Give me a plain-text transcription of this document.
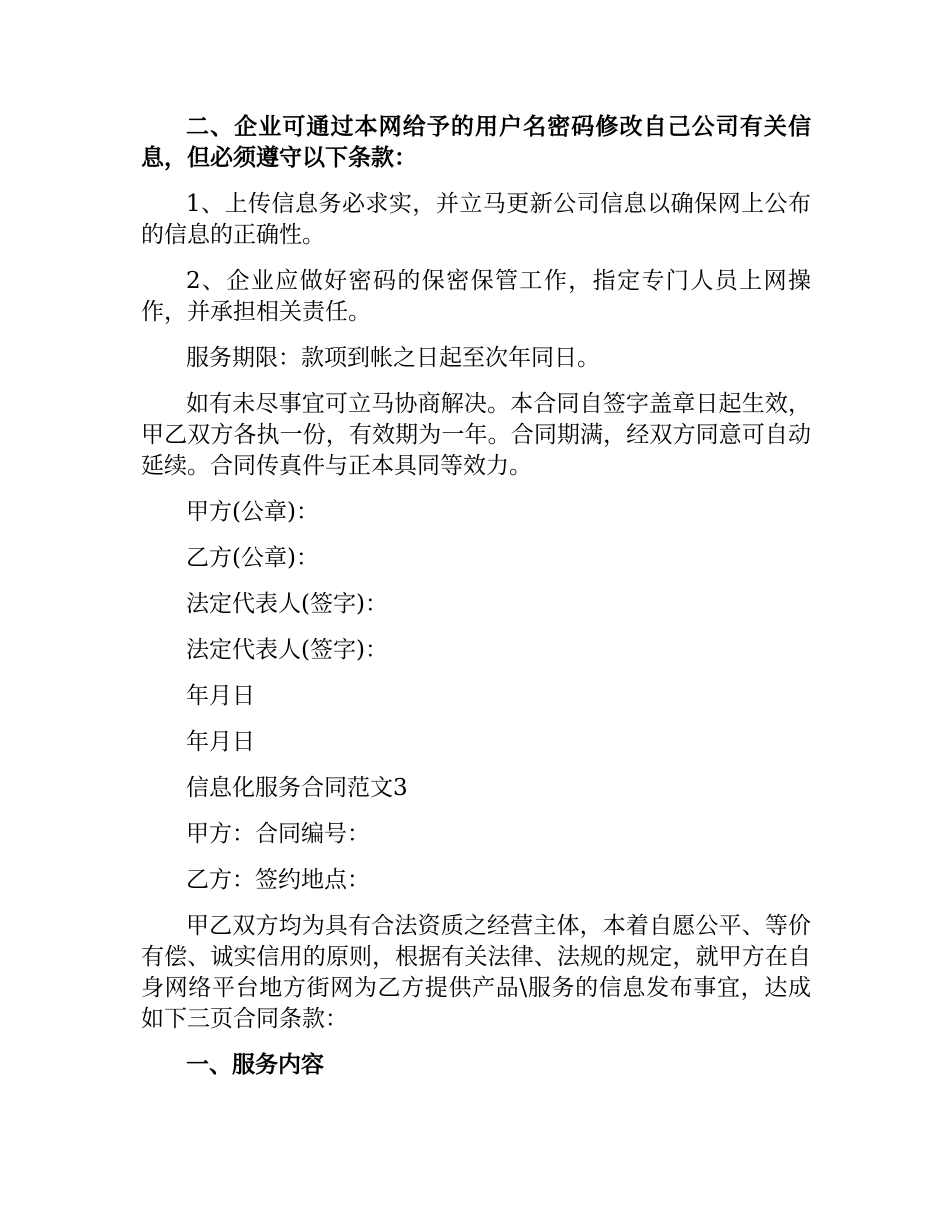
二、企业可通过本网给予的用户名密码修改自己公司有关信息，但必须遵守以下条款：

1、上传信息务必求实，并立马更新公司信息以确保网上公布的信息的正确性。

2、企业应做好密码的保密保管工作，指定专门人员上网操作，并承担相关责任。

服务期限：款项到帐之日起至次年同日。

如有未尽事宜可立马协商解决。本合同自签字盖章日起生效，甲乙双方各执一份，有效期为一年。合同期满，经双方同意可自动延续。合同传真件与正本具同等效力。

甲方(公章)：

乙方(公章)：

法定代表人(签字)：

法定代表人(签字)：

年月日

年月日

信息化服务合同范文3

甲方：合同编号：

乙方：签约地点：

甲乙双方均为具有合法资质之经营主体，本着自愿公平、等价有偿、诚实信用的原则，根据有关法律、法规的规定，就甲方在自身网络平台地方街网为乙方提供产品\服务的信息发布事宜，达成如下三页合同条款：

一、服务内容
